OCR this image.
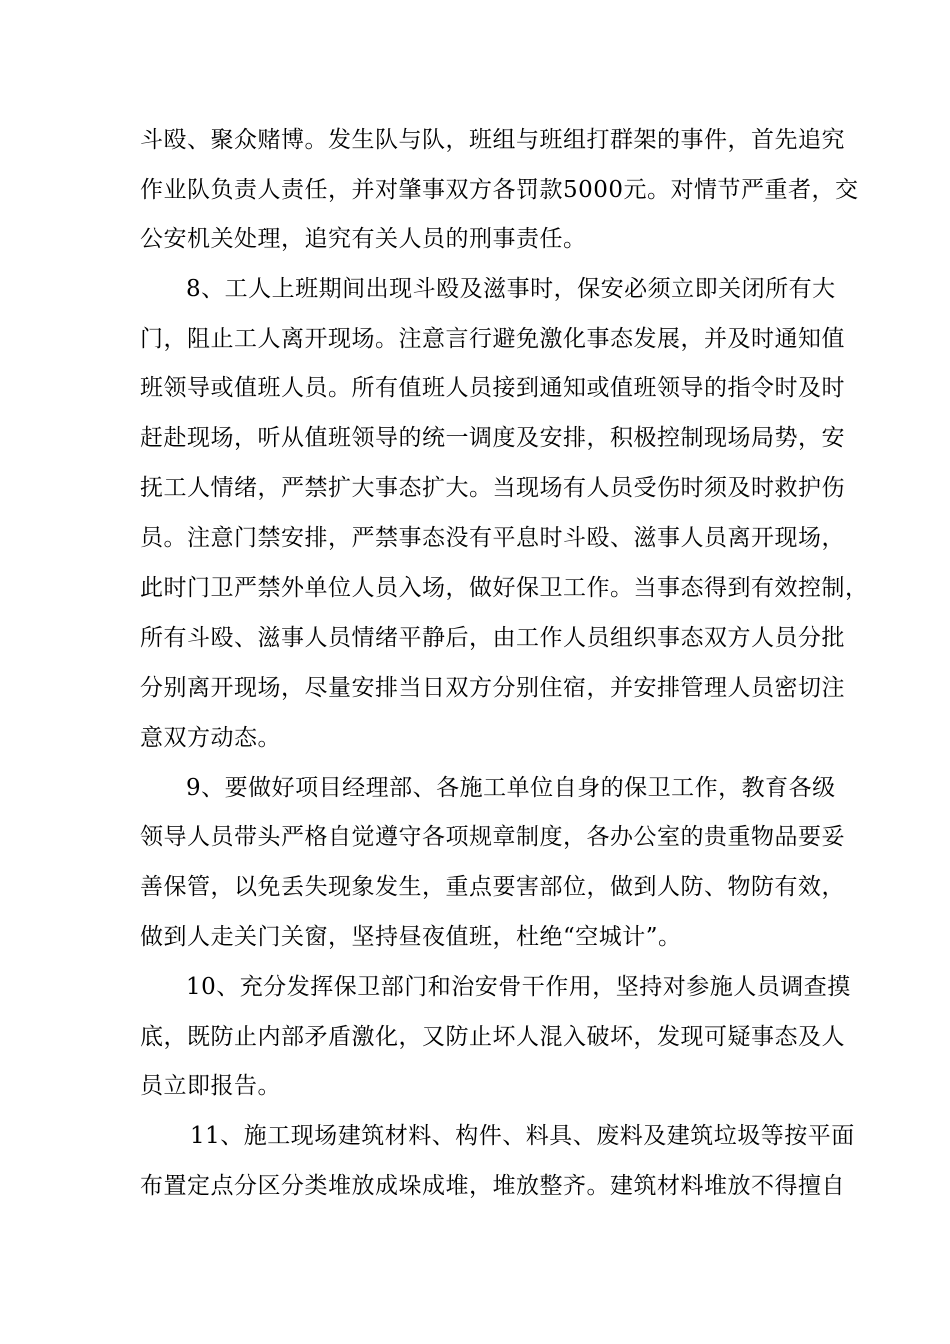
斗殴、聚众赌博。发生队与队，班组与班组打群架的事件，首先追究
作业队负责人责任，并对肇事双方各罚款5000元。对情节严重者，交
公安机关处理，追究有关人员的刑事责任。
8、工人上班期间出现斗殴及滋事时，保安必须立即关闭所有大
门，阻止工人离开现场。注意言行避免激化事态发展，并及时通知值
班领导或值班人员。所有值班人员接到通知或值班领导的指令时及时
赶赴现场，听从值班领导的统一调度及安排，积极控制现场局势，安
抚工人情绪，严禁扩大事态扩大。当现场有人员受伤时须及时救护伤
员。注意门禁安排，严禁事态没有平息时斗殴、滋事人员离开现场，
此时门卫严禁外单位人员入场，做好保卫工作。当事态得到有效控制，
所有斗殴、滋事人员情绪平静后，由工作人员组织事态双方人员分批
分别离开现场，尽量安排当日双方分别住宿，并安排管理人员密切注
意双方动态。
9、要做好项目经理部、各施工单位自身的保卫工作，教育各级
领导人员带头严格自觉遵守各项规章制度，各办公室的贵重物品要妥
善保管，以免丢失现象发生，重点要害部位，做到人防、物防有效，
做到人走关门关窗，坚持昼夜值班，杜绝“空城计”。
10、充分发挥保卫部门和治安骨干作用，坚持对参施人员调查摸
底，既防止内部矛盾激化，又防止坏人混入破坏，发现可疑事态及人
员立即报告。
11、施工现场建筑材料、构件、料具、废料及建筑垃圾等按平面
布置定点分区分类堆放成垛成堆，堆放整齐。建筑材料堆放不得擅自
